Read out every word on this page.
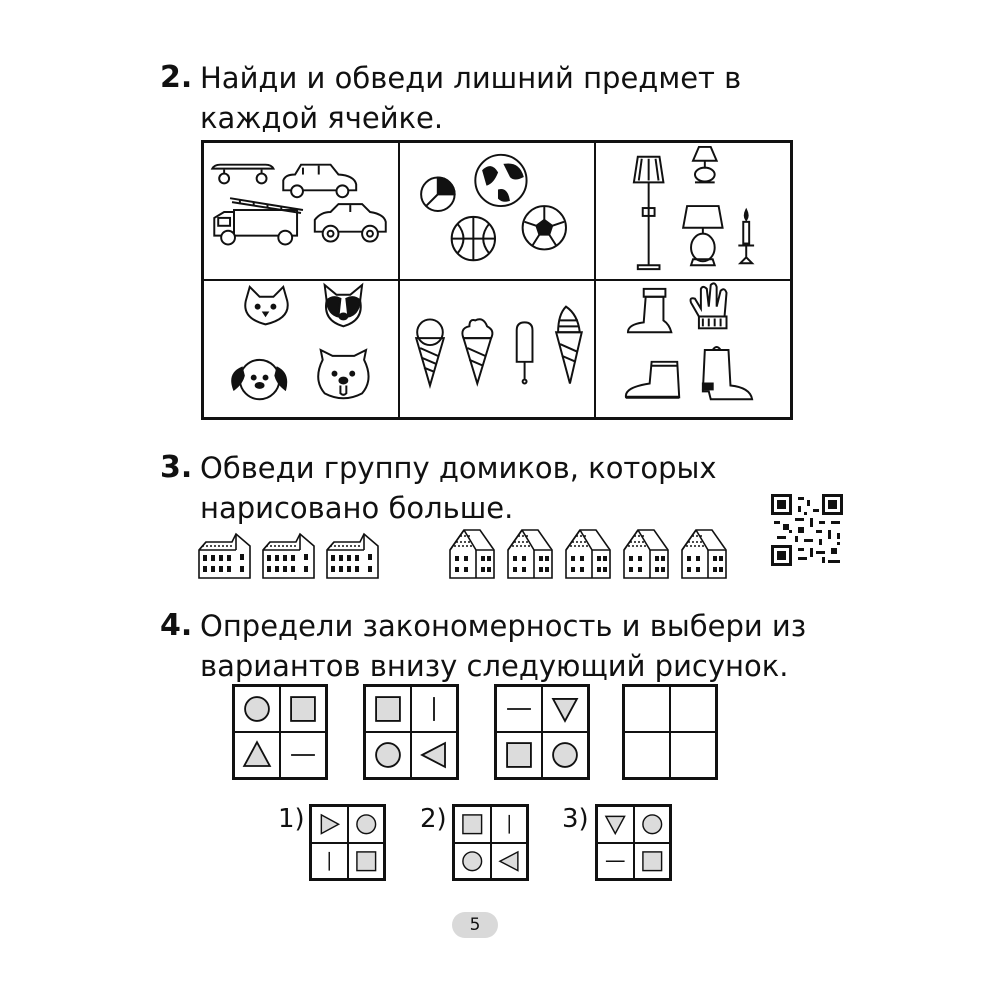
2. Найди и обведи лишний предмет в каждой ячейке.
3. Обведи группу домиков, которых нарисовано больше.
4. Определи закономерность и выбери из вариантов внизу следующий рисунок.
1)	2)	3)
5
